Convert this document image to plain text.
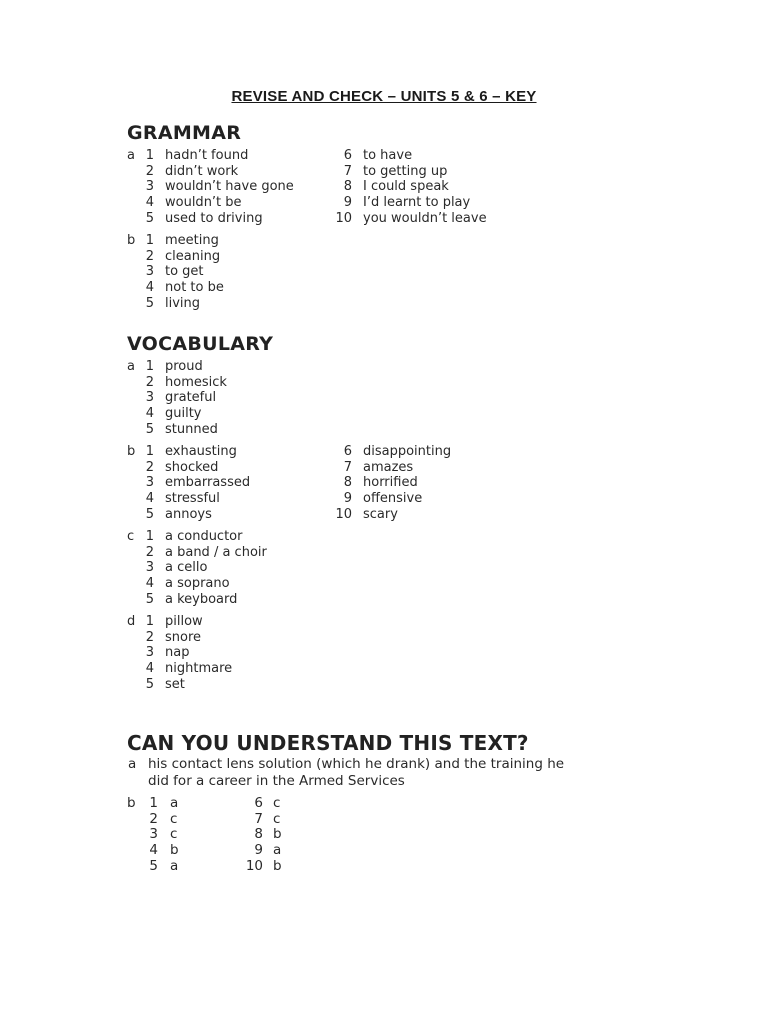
REVISE AND CHECK – UNITS 5 & 6 – KEY
GRAMMAR
a 1 hadn’t found
2 didn’t work
3 wouldn’t have gone
4 wouldn’t be
5 used to driving
6 to have
7 to getting up
8 I could speak
9 I’d learnt to play
10 you wouldn’t leave
b 1 meeting
2 cleaning
3 to get
4 not to be
5 living
VOCABULARY
a 1 proud
2 homesick
3 grateful
4 guilty
5 stunned
b 1 exhausting
2 shocked
3 embarrassed
4 stressful
5 annoys
6 disappointing
7 amazes
8 horrified
9 offensive
10 scary
c 1 a conductor
2 a band / a choir
3 a cello
4 a soprano
5 a keyboard
d 1 pillow
2 snore
3 nap
4 nightmare
5 set
CAN YOU UNDERSTAND THIS TEXT?
a his contact lens solution (which he drank) and the training he did for a career in the Armed Services
b	1 a
2 c
3 c
4 b
5 a
6 c
7 c
8 b
9 a
10 b
